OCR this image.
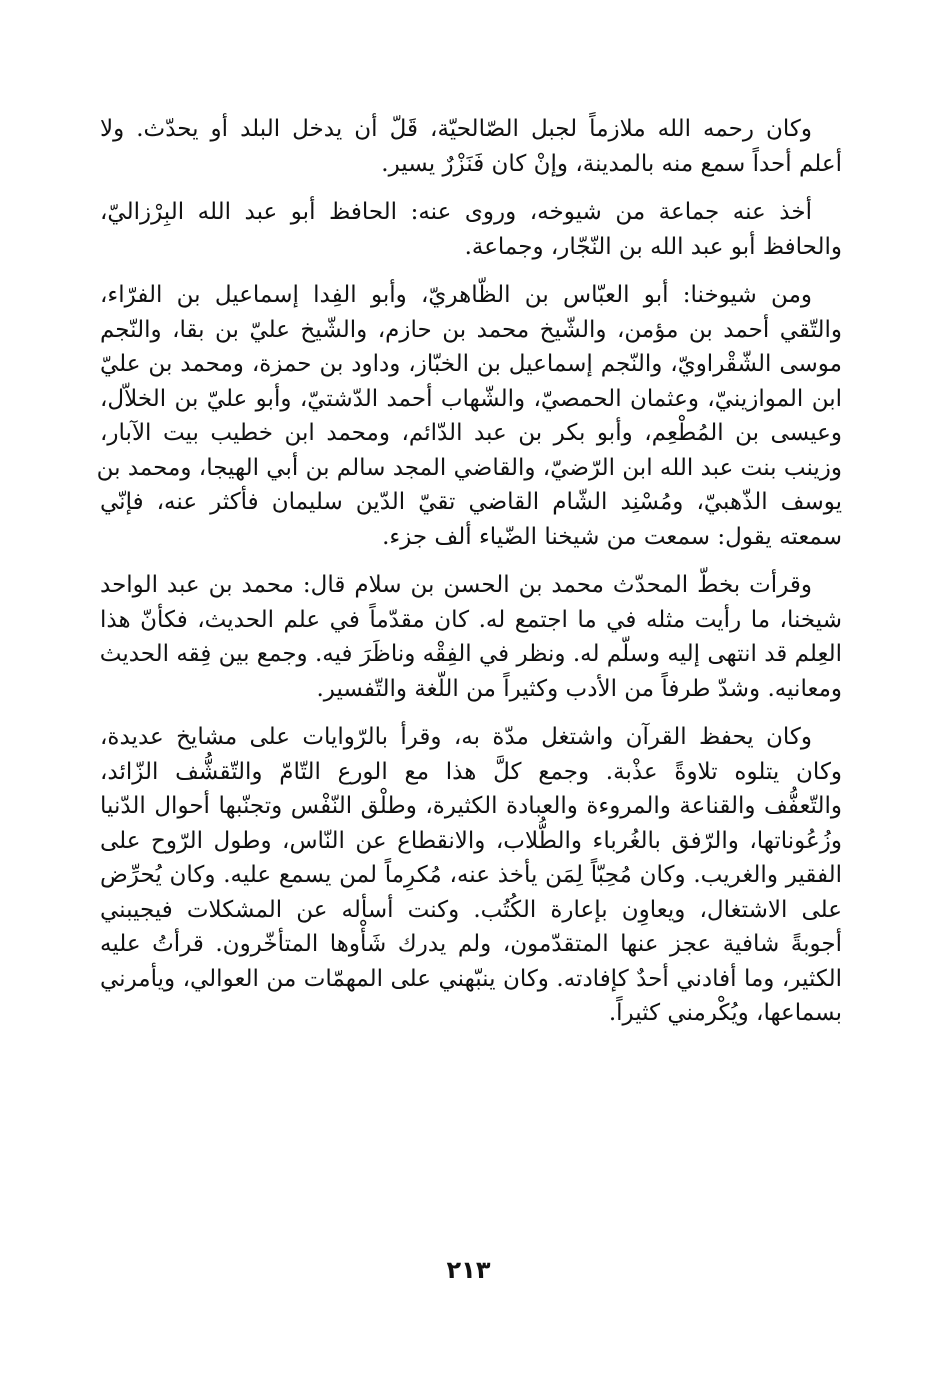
وكان رحمه الله ملازماً لجبل الصّالحيّة، قَلّ أن يدخل البلد أو يحدّث. ولا
أعلم أحداً سمع منه بالمدينة، وإنْ كان فَنَزْرٌ يسير.

أخذ عنه جماعة من شيوخه، وروى عنه: الحافظ أبو عبد الله البِرْزاليّ،
والحافظ أبو عبد الله بن النّجّار، وجماعة.

ومن شيوخنا: أبو العبّاس بن الظّاهريّ، وأبو الفِدا إسماعيل بن الفرّاء،
والتّقي أحمد بن مؤمن، والشّيخ محمد بن حازم، والشّيخ عليّ بن بقا، والنّجم
موسى الشّقْراويّ، والنّجم إسماعيل بن الخبّاز، وداود بن حمزة، ومحمد بن عليّ
ابن الموازينيّ، وعثمان الحمصيّ، والشّهاب أحمد الدّشتيّ، وأبو عليّ بن الخلاّل،
وعيسى بن المُطْعِم، وأبو بكر بن عبد الدّائم، ومحمد ابن خطيب بيت الآبار،
وزينب بنت عبد الله ابن الرّضيّ، والقاضي المجد سالم بن أبي الهيجا، ومحمد بن
يوسف الذّهبيّ، ومُسْنِد الشّام القاضي تقيّ الدّين سليمان فأكثر عنه، فإنّي
سمعته يقول: سمعت من شيخنا الضّياء ألف جزء.

وقرأت بخطّ المحدّث محمد بن الحسن بن سلام قال: محمد بن عبد الواحد
شيخنا، ما رأيت مثله في ما اجتمع له. كان مقدّماً في علم الحديث، فكأنّ هذا
العِلم قد انتهى إليه وسلّم له. ونظر في الفِقْه وناظَرَ فيه. وجمع بين فِقه الحديث
ومعانيه. وشدّ طرفاً من الأدب وكثيراً من اللّغة والتّفسير.

وكان يحفظ القرآن واشتغل مدّة به، وقرأ بالرّوايات على مشايخ عديدة،
وكان يتلوه تلاوةً عذْبة. وجمع كلَّ هذا مع الورع التّامّ والتّقشُّف الزّائد،
والتّعفُّف والقناعة والمروءة والعبادة الكثيرة، وطلْق النّفْس وتجنّبها أحوال الدّنيا
وزُعُوناتها، والرّفق بالغُرباء والطُّلاب، والانقطاع عن النّاس، وطول الرّوح على
الفقير والغريب. وكان مُحِبّاً لِمَن يأخذ عنه، مُكرِماً لمن يسمع عليه. وكان يُحرِّض
على الاشتغال، ويعاوِن بإعارة الكُتُب. وكنت أسأله عن المشكلات فيجيبني
أجوبةً شافية عجز عنها المتقدّمون، ولم يدرك شَأْوها المتأخّرون. قرأتُ عليه
الكثير، وما أفادني أحدٌ كإفادته. وكان ينبّهني على المهمّات من العوالي، ويأمرني
بسماعها، ويُكْرمني كثيراً.

٢١٣
